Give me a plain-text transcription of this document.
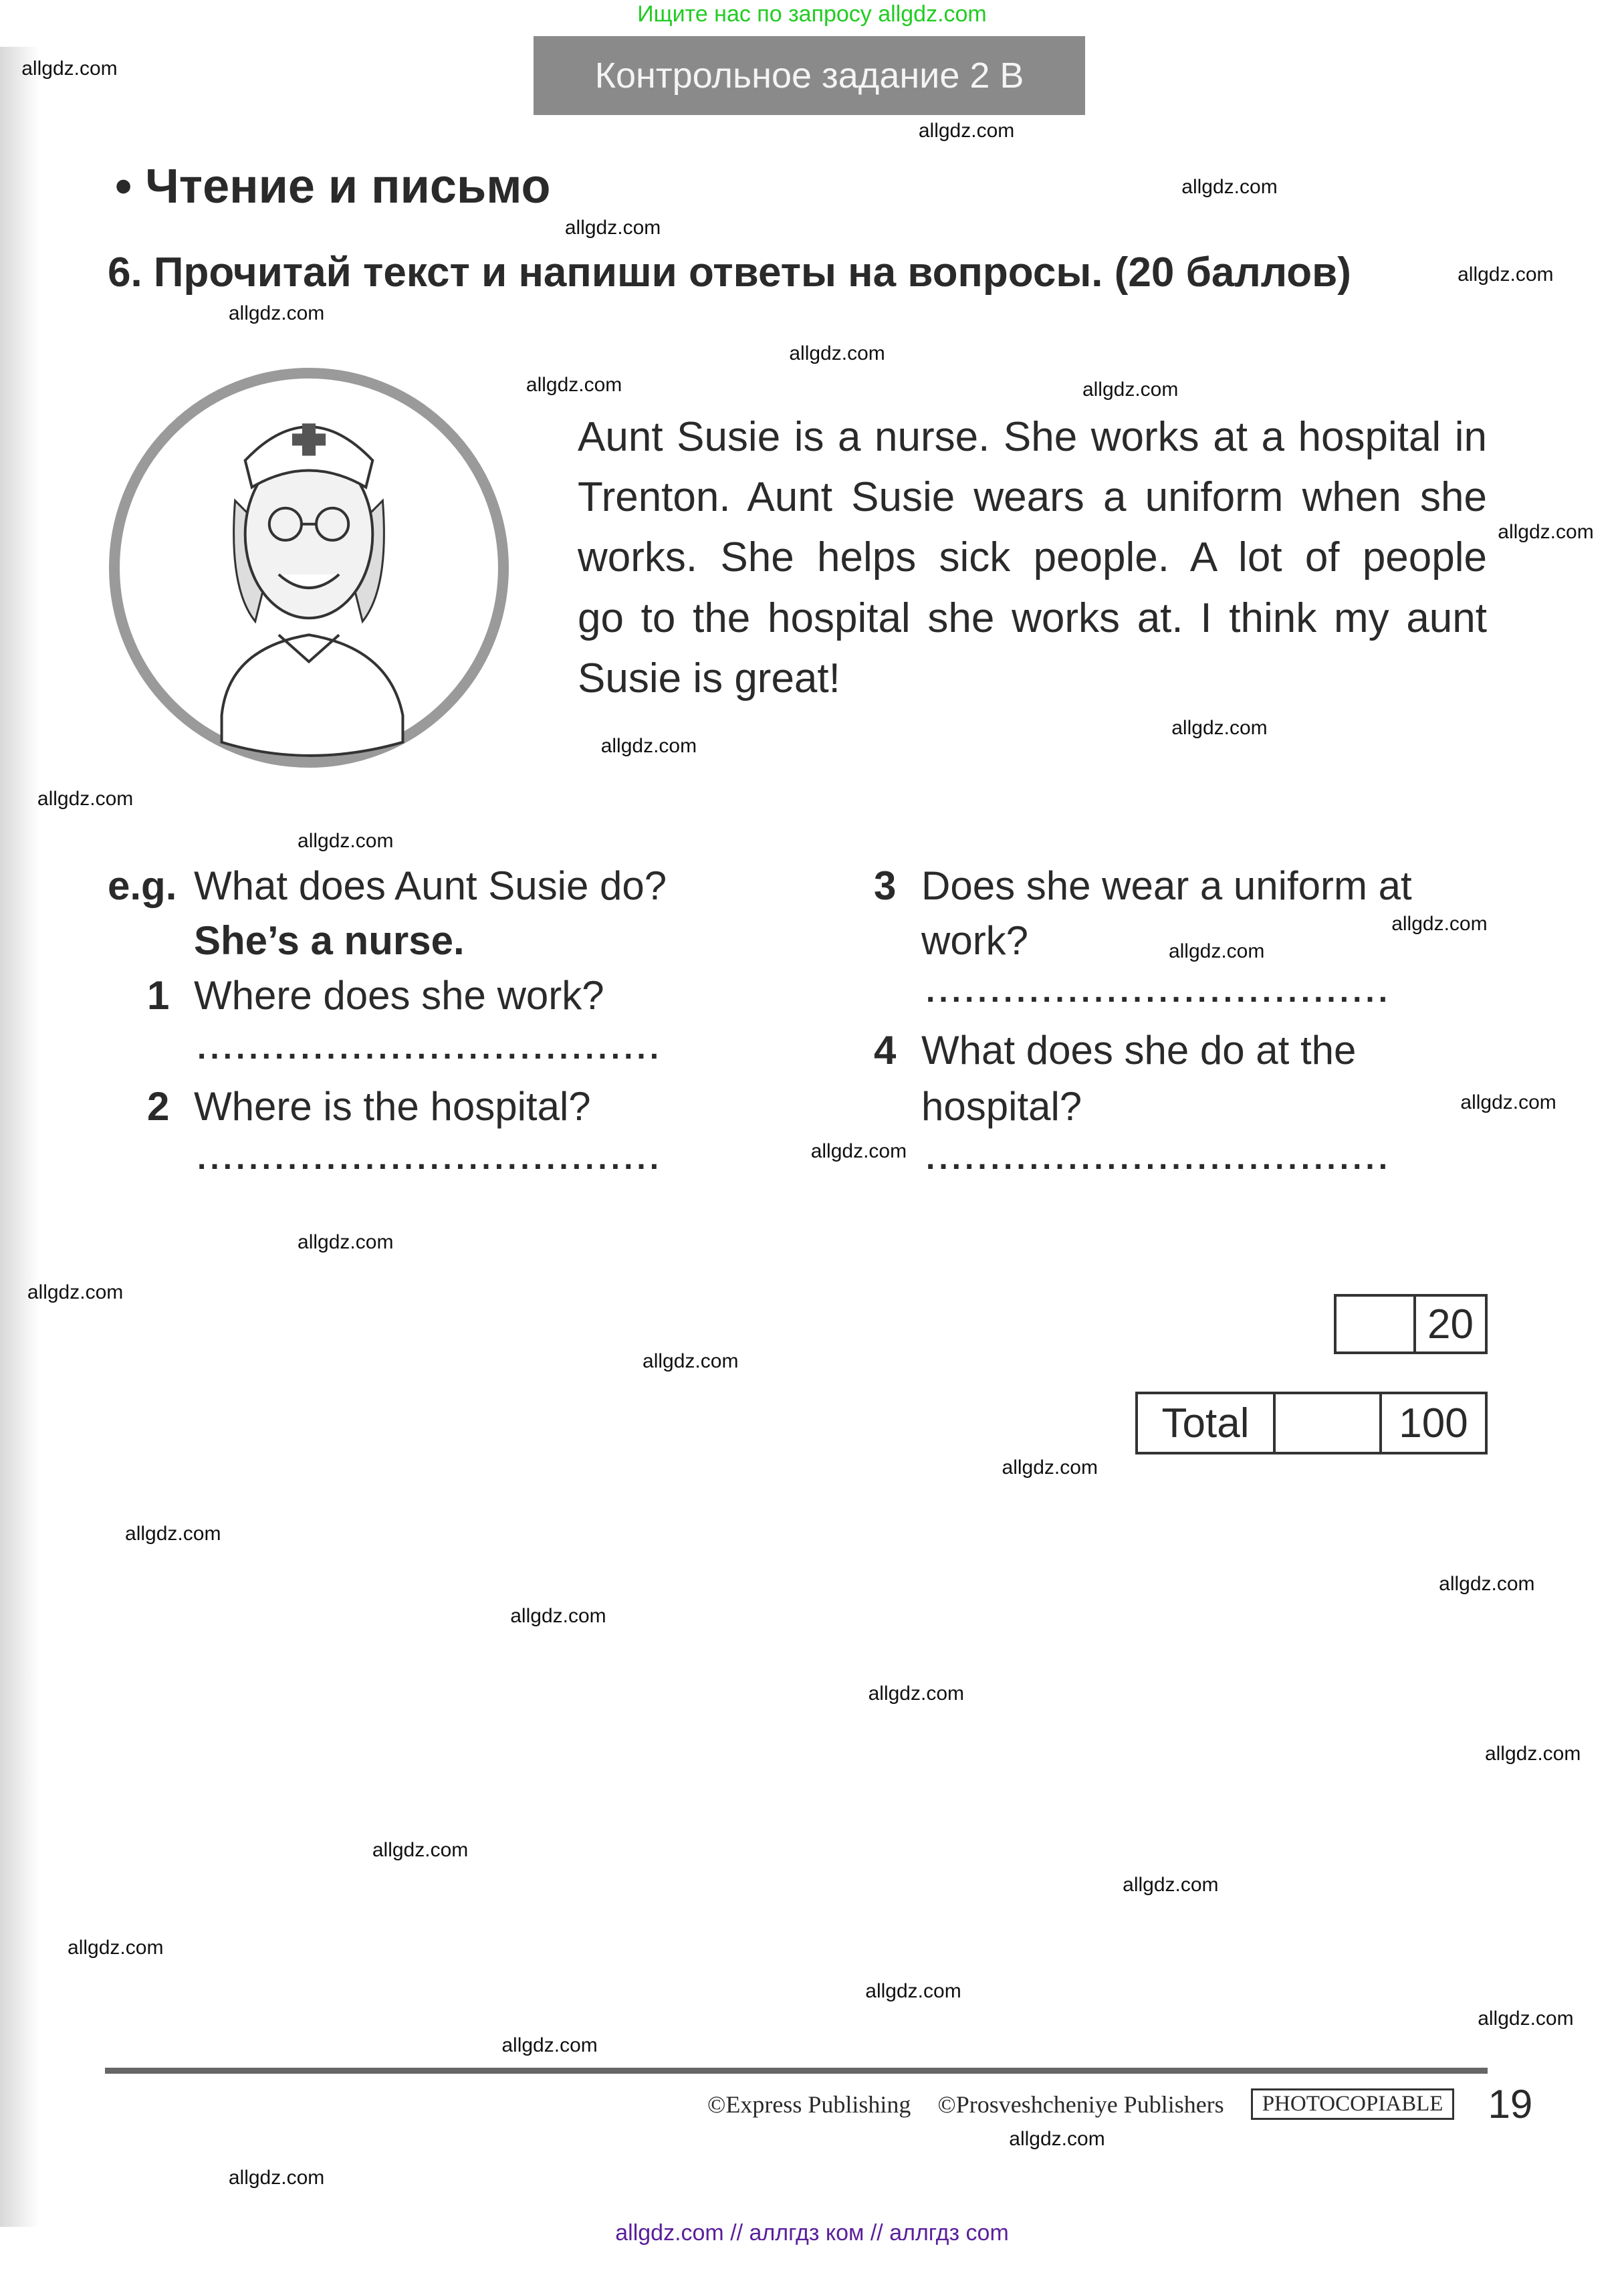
Ищите нас по запросу allgdz.com
Контрольное задание 2 B
• Чтение и письмо
6. Прочитай текст и напиши ответы на вопросы. (20 баллов)
Aunt Susie is a nurse. She works at a hospital in
Trenton. Aunt Susie wears a uniform when she
works. She helps sick people. A lot of people
go to the hospital she works at. I think my aunt
Susie is great!
e.g. What does Aunt Susie do?
She’s a nurse.
1 Where does she work?
....................................
2 Where is the hospital?
....................................
3 Does she wear a uniform at
work?
....................................
4 What does she do at the
hospital?
....................................
20
Total	100
©Express Publishing ©Prosveshcheniye Publishers	PHOTOCOPIABLE 19
allgdz.com // аллгдз ком // аллгдз com
allgdz.com
allgdz.com
allgdz.com
allgdz.com
allgdz.com
allgdz.com
allgdz.com
allgdz.com	allgdz.com
allgdz.com
allgdz.com
allgdz.com
allgdz.com
allgdz.com
allgdz.com
allgdz.com
allgdz.com
allgdz.com
allgdz.com
allgdz.com
allgdz.com
allgdz.com
allgdz.com
allgdz.com
allgdz.com
allgdz.com
allgdz.com
allgdz.com
allgdz.com
allgdz.com
allgdz.com
allgdz.com
allgdz.com
allgdz.com
allgdz.com
